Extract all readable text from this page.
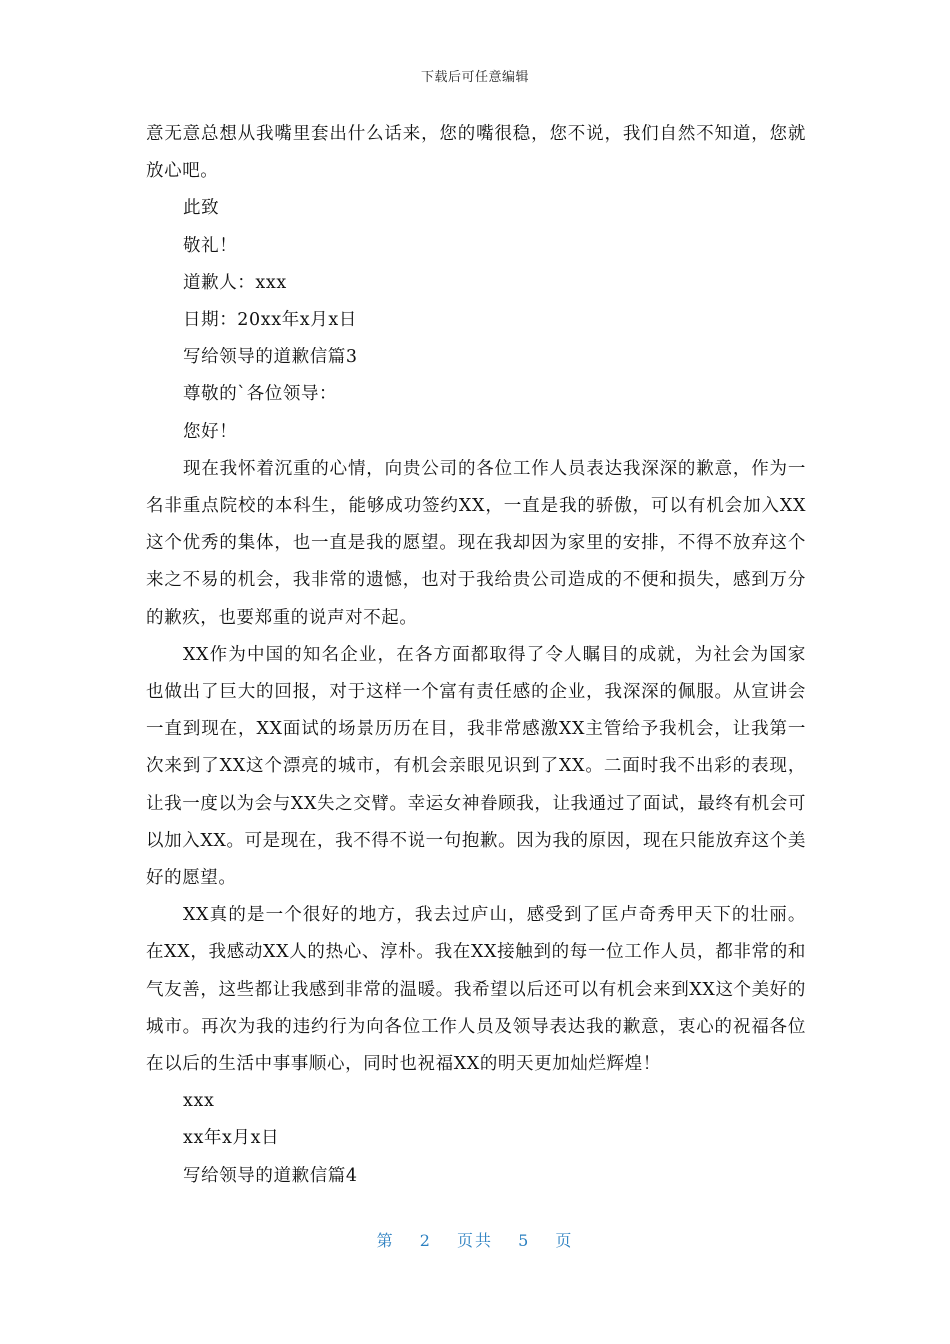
下载后可任意编辑

意无意总想从我嘴里套出什么话来，您的嘴很稳，您不说，我们自然不知道，您就放心吧。

此致

敬礼！

道歉人：xxx

日期：20xx年x月x日

写给领导的道歉信篇3

尊敬的`各位领导：

您好！

现在我怀着沉重的心情，向贵公司的各位工作人员表达我深深的歉意，作为一名非重点院校的本科生，能够成功签约XX，一直是我的骄傲，可以有机会加入XX这个优秀的集体，也一直是我的愿望。现在我却因为家里的安排，不得不放弃这个来之不易的机会，我非常的遗憾，也对于我给贵公司造成的不便和损失，感到万分的歉疚，也要郑重的说声对不起。

XX作为中国的知名企业，在各方面都取得了令人瞩目的成就，为社会为国家也做出了巨大的回报，对于这样一个富有责任感的企业，我深深的佩服。从宣讲会一直到现在，XX面试的场景历历在目，我非常感激XX主管给予我机会，让我第一次来到了XX这个漂亮的城市，有机会亲眼见识到了XX。二面时我不出彩的表现，让我一度以为会与XX失之交臂。幸运女神眷顾我，让我通过了面试，最终有机会可以加入XX。可是现在，我不得不说一句抱歉。因为我的原因，现在只能放弃这个美好的愿望。

XX真的是一个很好的地方，我去过庐山，感受到了匡卢奇秀甲天下的壮丽。在XX，我感动XX人的热心、淳朴。我在XX接触到的每一位工作人员，都非常的和气友善，这些都让我感到非常的温暖。我希望以后还可以有机会来到XX这个美好的城市。再次为我的违约行为向各位工作人员及领导表达我的歉意，衷心的祝福各位在以后的生活中事事顺心，同时也祝福XX的明天更加灿烂辉煌！

xxx

xx年x月x日

写给领导的道歉信篇4

第 2 页共 5 页
